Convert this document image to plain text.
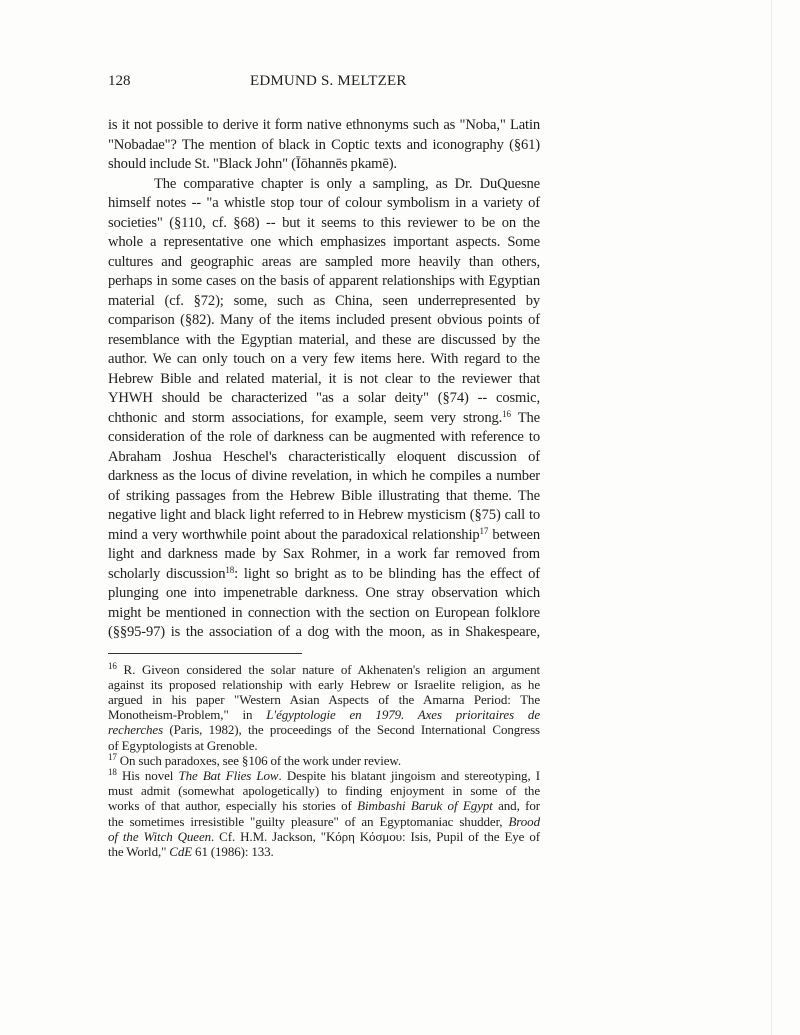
128	EDMUND S. MELTZER
is it not possible to derive it form native ethnonyms such as "Noba," Latin
"Nobadae"? The mention of black in Coptic texts and iconography (§61)
should include St. "Black John" (Īōhannēs pkamē).
The comparative chapter is only a sampling, as Dr. DuQuesne
himself notes -- "a whistle stop tour of colour symbolism in a variety of
societies" (§110, cf. §68) -- but it seems to this reviewer to be on the
whole a representative one which emphasizes important aspects. Some
cultures and geographic areas are sampled more heavily than others,
perhaps in some cases on the basis of apparent relationships with Egyptian
material (cf. §72); some, such as China, seen underrepresented by
comparison (§82). Many of the items included present obvious points of
resemblance with the Egyptian material, and these are discussed by the
author. We can only touch on a very few items here. With regard to the
Hebrew Bible and related material, it is not clear to the reviewer that
YHWH should be characterized "as a solar deity" (§74) -- cosmic,
chthonic and storm associations, for example, seem very strong.$^{16}$ The
consideration of the role of darkness can be augmented with reference to
Abraham Joshua Heschel's characteristically eloquent discussion of
darkness as the locus of divine revelation, in which he compiles a number
of striking passages from the Hebrew Bible illustrating that theme. The
negative light and black light referred to in Hebrew mysticism (§75) call to
mind a very worthwhile point about the paradoxical relationship$^{17}$ between
light and darkness made by Sax Rohmer, in a work far removed from
scholarly discussion$^{18}$: light so bright as to be blinding has the effect of
plunging one into impenetrable darkness. One stray observation which
might be mentioned in connection with the section on European folklore
(§§95-97) is the association of a dog with the moon, as in Shakespeare,
$^{16}$ R. Giveon considered the solar nature of Akhenaten's religion an argument
against its proposed relationship with early Hebrew or Israelite religion, as he
argued in his paper "Western Asian Aspects of the Amarna Period: The
Monotheism-Problem," in L'égyptologie en 1979. Axes prioritaires de
recherches (Paris, 1982), the proceedings of the Second International Congress
of Egyptologists at Grenoble.
$^{17}$ On such paradoxes, see §106 of the work under review.
$^{18}$ His novel The Bat Flies Low. Despite his blatant jingoism and stereotyping, I
must admit (somewhat apologetically) to finding enjoyment in some of the
works of that author, especially his stories of Bimbashi Baruk of Egypt and, for
the sometimes irresistible "guilty pleasure" of an Egyptomaniac shudder, Brood
of the Witch Queen. Cf. H.M. Jackson, "Κόρη Κόσμου: Isis, Pupil of the Eye of
the World," CdE 61 (1986): 133.
